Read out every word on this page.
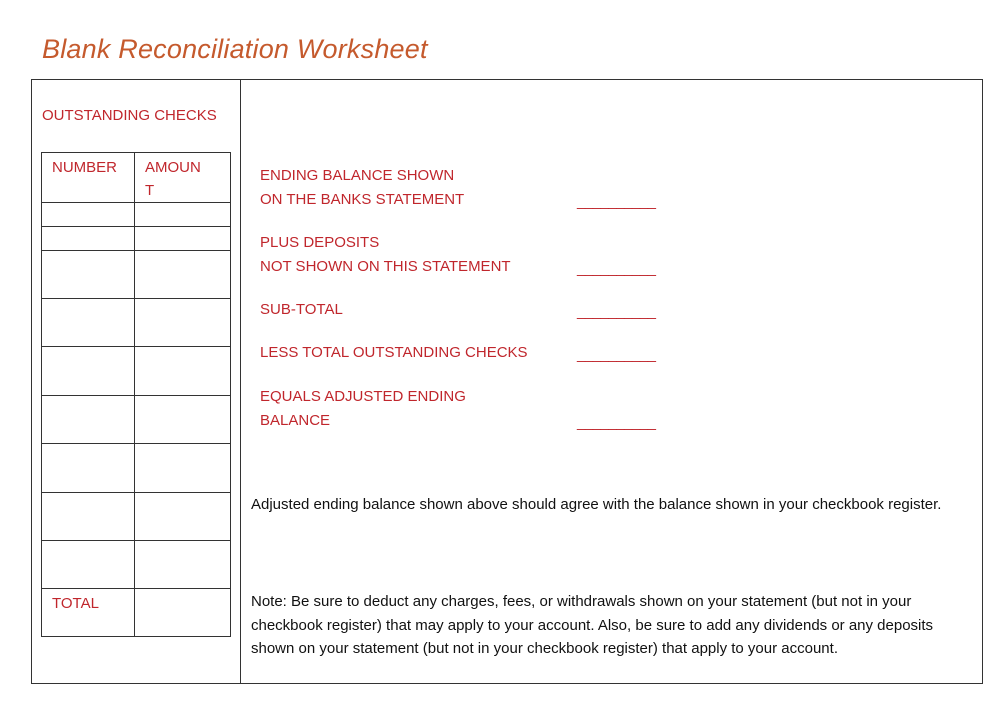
Blank Reconciliation Worksheet
OUTSTANDING CHECKS
NUMBER	AMOUN
T

TOTAL	

ENDING BALANCE SHOWN
ON THE BANKS STATEMENT	__________
PLUS DEPOSITS
NOT SHOWN ON THIS STATEMENT	__________
SUB-TOTAL	__________
LESS TOTAL OUTSTANDING CHECKS	__________
EQUALS ADJUSTED ENDING
BALANCE	__________
Adjusted ending balance shown above should agree with the balance shown in your checkbook register.
Note: Be sure to deduct any charges, fees, or withdrawals shown on your statement (but not in your checkbook register) that may apply to your account. Also, be sure to add any dividends or any deposits shown on your statement (but not in your checkbook register) that apply to your account.
